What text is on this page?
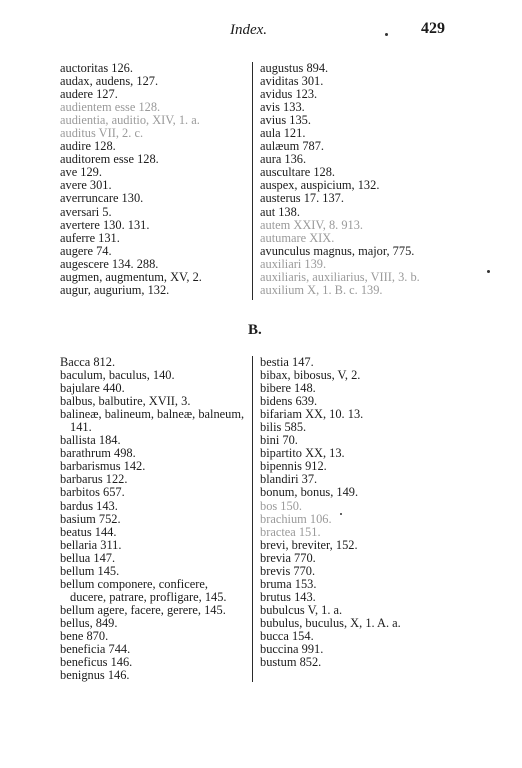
Index.	429
auctoritas 126.
audax, audens, 127.
audere 127.
audientem esse 128.
audientia, auditio, XIV, 1. a.
auditus VII, 2. c.
audire 128.
auditorem esse 128.
ave 129.
avere 301.
averruncare 130.
aversari 5.
avertere 130. 131.
auferre 131.
augere 74.
augescere 134. 288.
augmen, augmentum, XV, 2.
augur, augurium, 132.
augustus 894.
aviditas 301.
avidus 123.
avis 133.
avius 135.
aula 121.
aulæum 787.
aura 136.
auscultare 128.
auspex, auspicium, 132.
austerus 17. 137.
aut 138.
autem XXIV, 8. 913.
autumare XIX.
avunculus magnus, major, 775.
auxiliari 139.
auxiliaris, auxiliarius, VIII, 3. b.
auxilium X, 1. B. c. 139.
B.
Bacca 812.
baculum, baculus, 140.
bajulare 440.
balbus, balbutire, XVII, 3.
balineæ, balineum, balneæ, balneum, 141.
ballista 184.
barathrum 498.
barbarismus 142.
barbarus 122.
barbitos 657.
bardus 143.
basium 752.
beatus 144.
bellaria 311.
bellua 147.
bellum 145.
bellum componere, conficere, ducere, patrare, profligare, 145.
bellum agere, facere, gerere, 145.
bellus, 849.
bene 870.
beneficia 744.
beneficus 146.
benignus 146.
bestia 147.
bibax, bibosus, V, 2.
bibere 148.
bidens 639.
bifariam XX, 10. 13.
bilis 585.
bini 70.
bipartito XX, 13.
bipennis 912.
blandiri 37.
bonum, bonus, 149.
bos 150.
brachium 106.
bractea 151.
brevi, breviter, 152.
brevia 770.
brevis 770.
bruma 153.
brutus 143.
bubulcus V, 1. a.
bubulus, buculus, X, 1. A. a.
bucca 154.
buccina 991.
bustum 852.
